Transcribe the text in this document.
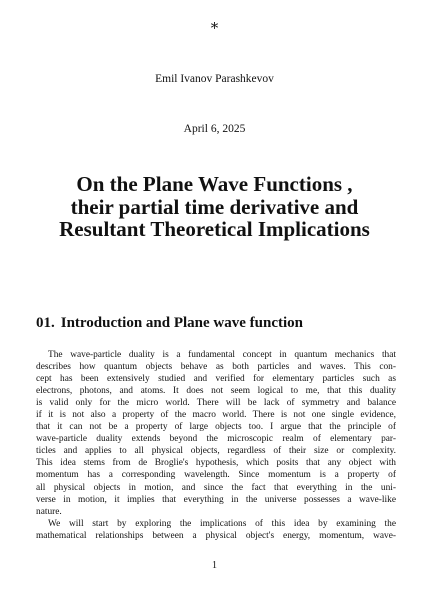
*
Emil Ivanov Parashkevov
April 6, 2025
On the Plane Wave Functions ,
their partial time derivative and
Resultant Theoretical Implications
01. Introduction and Plane wave function
The wave-particle duality is a fundamental concept in quantum mechanics that
describes how quantum objects behave as both particles and waves. This con-
cept has been extensively studied and verified for elementary particles such as
electrons, photons, and atoms. It does not seem logical to me, that this duality
is valid only for the micro world. There will be lack of symmetry and balance
if it is not also a property of the macro world. There is not one single evidence,
that it can not be a property of large objects too. I argue that the principle of
wave-particle duality extends beyond the microscopic realm of elementary par-
ticles and applies to all physical objects, regardless of their size or complexity.
This idea stems from de Broglie's hypothesis, which posits that any object with
momentum has a corresponding wavelength. Since momentum is a property of
all physical objects in motion, and since the fact that everything in the uni-
verse in motion, it implies that everything in the universe possesses a wave-like
nature.
We will start by exploring the implications of this idea by examining the
mathematical relationships between a physical object's energy, momentum, wave-
1
